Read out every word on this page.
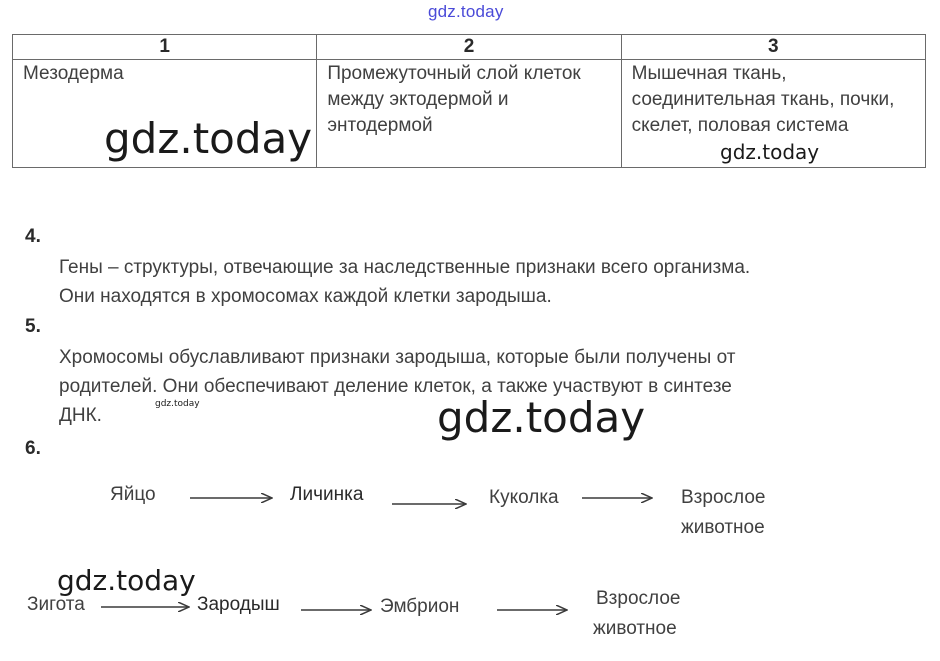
gdz.today
1	2	3
Мезодерма	Промежуточный слой клеток между эктодермой и энтодермой	Мышечная ткань, соединительная ткань, почки, скелет, половая система
gdz.today	gdz.today
4.
Гены – структуры, отвечающие за наследственные признаки всего организма.
Они находятся в хромосомах каждой клетки зародыша.
5.
Хромосомы обуславливают признаки зародыша, которые были получены от
родителей. Они обеспечивают деление клеток, а также участвуют в синтезе
ДНК.
gdz.today	gdz.today
6.
Яйцо	Личинка	Куколка	Взрослое
животное
gdz.today
Зигота	Зародыш	Эмбрион	Взрослое
животное
